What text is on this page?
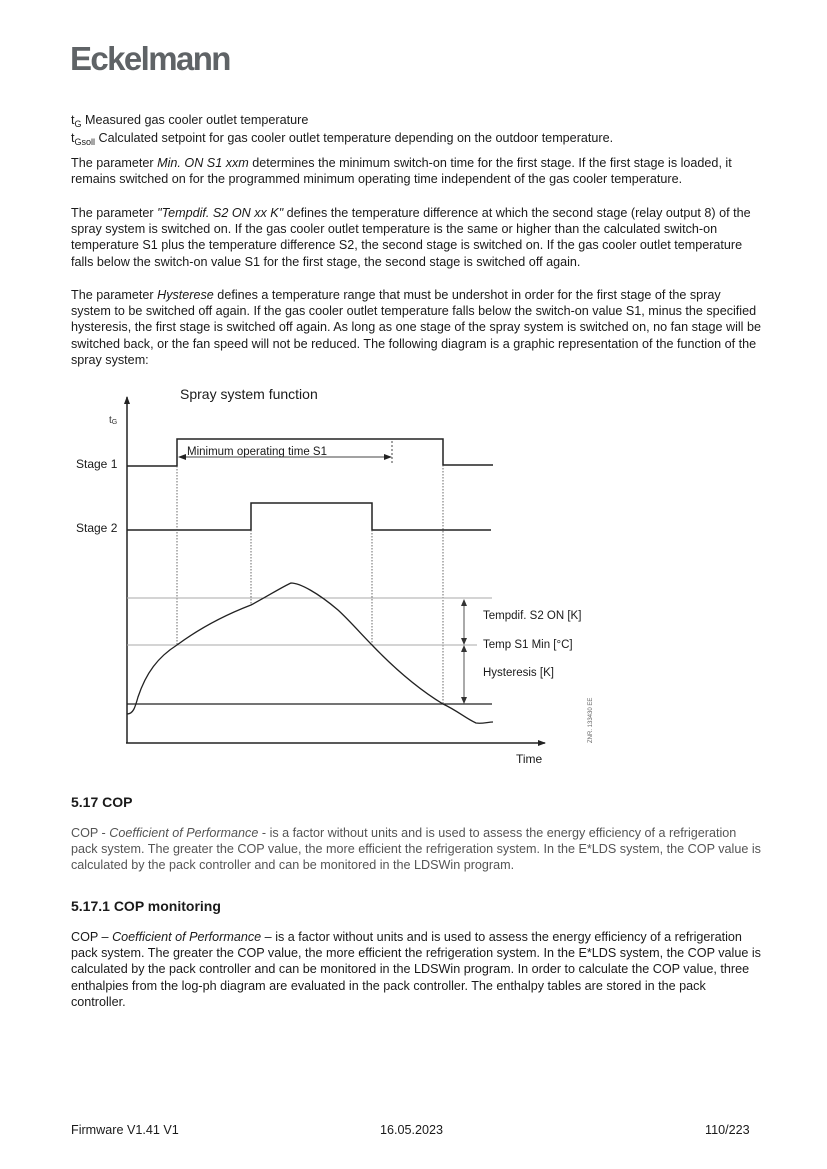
Eckelmann

$t_G$ Measured gas cooler outlet temperature

$t_{Gsoll}$ Calculated setpoint for gas cooler outlet temperature depending on the outdoor temperature.

The parameter Min. ON S1 xxm determines the minimum switch-on time for the first stage. If the first stage is loaded, it remains switched on for the programmed minimum operating time independent of the gas cooler temperature.

The parameter "Tempdif. S2 ON xx K" defines the temperature difference at which the second stage (relay output 8) of the spray system is switched on. If the gas cooler outlet temperature is the same or higher than the calculated switch-on temperature S1 plus the temperature difference S2, the second stage is switched on. If the gas cooler outlet temperature falls below the switch-on value S1 for the first stage, the second stage is switched off again.

The parameter Hysterese defines a temperature range that must be undershot in order for the first stage of the spray system to be switched off again. If the gas cooler outlet temperature falls below the switch-on value S1, minus the specified hysteresis, the first stage is switched off again. As long as one stage of the spray system is switched on, no fan stage will be switched back, or the fan speed will not be reduced. The following diagram is a graphic representation of the function of the spray system:

Spray system function
tG
Time
Stage 1
Stage 2
Minimum operating time S1
Tempdif. S2 ON [K]
Temp S1 Min [°C]
Hysteresis [K]
ZNR. 133430 EE
5.17 COP

COP - Coefficient of Performance - is a factor without units and is used to assess the energy efficiency of a refrigeration pack system. The greater the COP value, the more efficient the refrigeration system. In the E*LDS system, the COP value is calculated by the pack controller and can be monitored in the LDSWin program.

5.17.1 COP monitoring

COP – Coefficient of Performance – is a factor without units and is used to assess the energy efficiency of a refrigeration pack system. The greater the COP value, the more efficient the refrigeration system. In the E*LDS system, the COP value is calculated by the pack controller and can be monitored in the LDSWin program. In order to calculate the COP value, three enthalpies from the log-ph diagram are evaluated in the pack controller. The enthalpy tables are stored in the pack controller.

Firmware V1.41 V1	16.05.2023	110/223
